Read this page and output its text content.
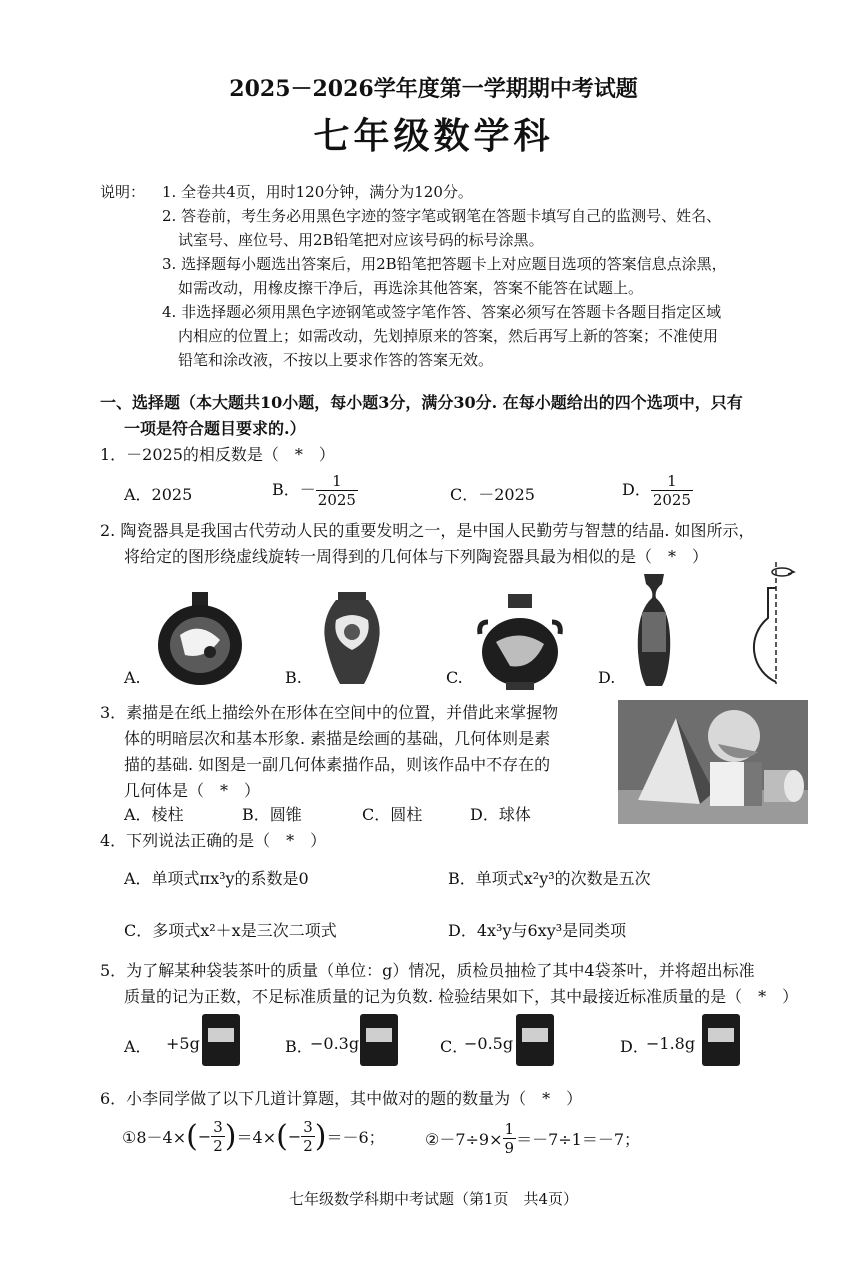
2025－2026学年度第一学期期中考试题
七年级数学科
说明： 1. 全卷共4页，用时120分钟，满分为120分。
2. 答卷前，考生务必用黑色字迹的签字笔或钢笔在答题卡填写自己的监测号、姓名、
试室号、座位号、用2B铅笔把对应该号码的标号涂黑。
3. 选择题每小题选出答案后，用2B铅笔把答题卡上对应题目选项的答案信息点涂黑，
如需改动，用橡皮擦干净后，再选涂其他答案，答案不能答在试题上。
4. 非选择题必须用黑色字迹钢笔或签字笔作答、答案必须写在答题卡各题目指定区域
内相应的位置上；如需改动，先划掉原来的答案，然后再写上新的答案；不准使用
铅笔和涂改液，不按以上要求作答的答案无效。
一、选择题（本大题共10小题，每小题3分，满分30分. 在每小题给出的四个选项中，只有
一项是符合题目要求的.）
1．－2025的相反数是（　*　）
A．2025	B．－ $\frac{1}{2025}$	C．－2025	D． $\frac{1}{2025}$
2. 陶瓷器具是我国古代劳动人民的重要发明之一，是中国人民勤劳与智慧的结晶. 如图所示，
将给定的图形绕虚线旋转一周得到的几何体与下列陶瓷器具最为相似的是（　*　）
A.	B.	C.	D.
3．素描是在纸上描绘外在形体在空间中的位置，并借此来掌握物
体的明暗层次和基本形象. 素描是绘画的基础，几何体则是素
描的基础. 如图是一副几何体素描作品，则该作品中不存在的
几何体是（　*　）
A．棱柱	B．圆锥	C．圆柱	D．球体
4．下列说法正确的是（　*　）
A．单项式πx³y的系数是0	B．单项式x²y³的次数是五次
C．多项式x²＋x是三次二项式	D．4x³y与6xy³是同类项
5．为了解某种袋装茶叶的质量（单位：g）情况，质检员抽检了其中4袋茶叶，并将超出标准
质量的记为正数，不足标准质量的记为负数. 检验结果如下，其中最接近标准质量的是（　*　）
A． +5g	B．
−0.3g	C．
−0.5g	D．
−1.8g
6．小李同学做了以下几道计算题，其中做对的题的数量为（　*　）
①8－4× ( − $\frac{3}{2}$ ) ＝4× ( − $\frac{3}{2}$ ) ＝－6；	②－7÷9× $\frac{1}{9} =-7\div 1=-7$；
七年级数学科期中考试题（第1页　共4页）
